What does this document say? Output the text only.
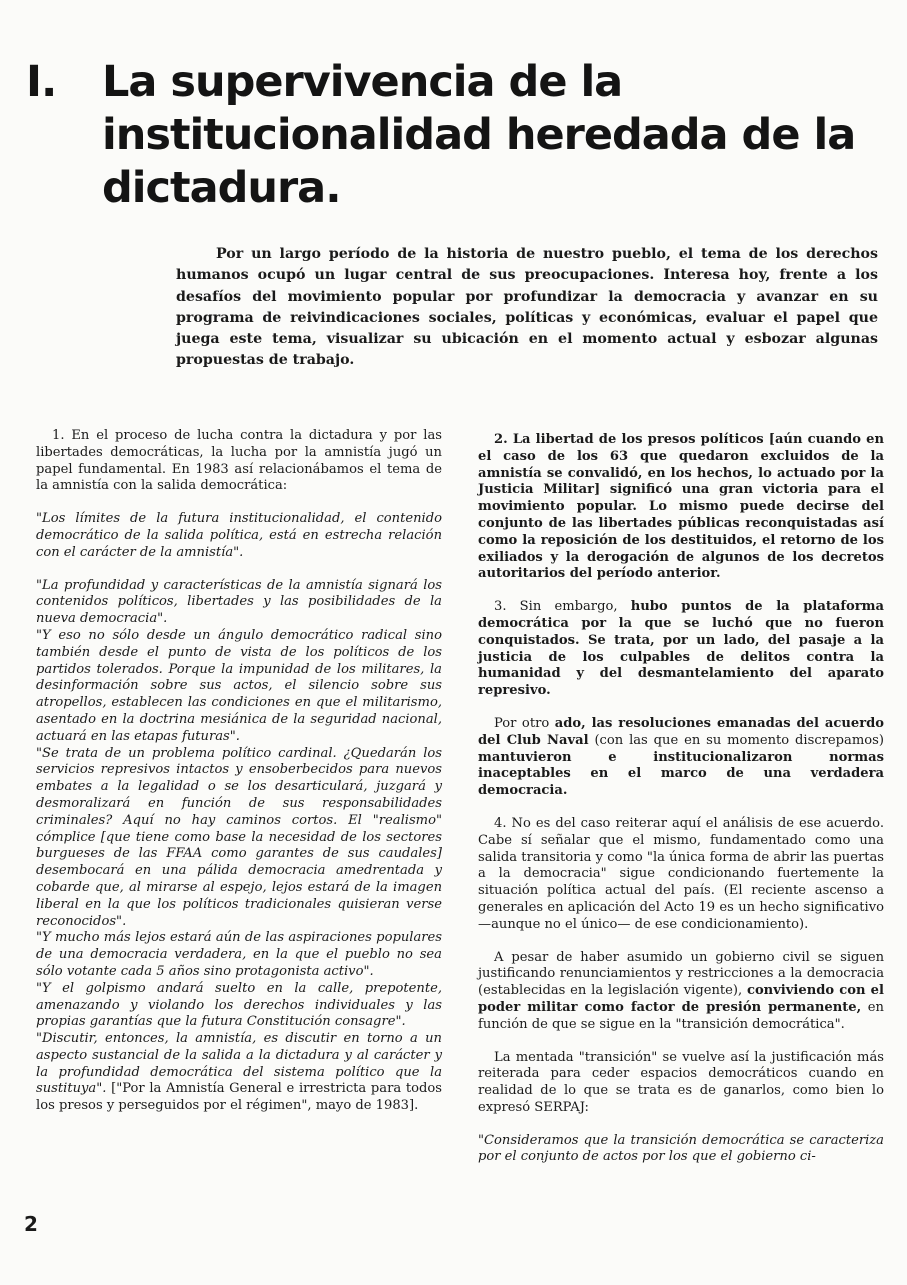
I.	La supervivencia de la
institucionalidad heredada de la
dictadura.

Por un largo período de la historia de nuestro pueblo, el tema de los derechos humanos ocupó un lugar central de sus preocupaciones. Interesa hoy, frente a los desafíos del movimiento popular por profundizar la democracia y avanzar en su programa de reivindicaciones sociales, políticas y económicas, evaluar el papel que juega este tema, visualizar su ubicación en el momento actual y esbozar algunas propuestas de trabajo.

1. En el proceso de lucha contra la dictadura y por las libertades democráticas, la lucha por la amnistía jugó un papel fundamental. En 1983 así relacionábamos el tema de la amnistía con la salida democrática:

"Los límites de la futura institucionalidad, el contenido democrático de la salida política, está en estrecha relación con el carácter de la amnistía".

"La profundidad y características de la amnistía signará los contenidos políticos, libertades y las posibilidades de la nueva democracia".

"Y eso no sólo desde un ángulo democrático radical sino también desde el punto de vista de los políticos de los partidos tolerados. Porque la impunidad de los militares, la desinformación sobre sus actos, el silencio sobre sus atropellos, establecen las condiciones en que el militarismo, asentado en la doctrina mesiánica de la seguridad nacional, actuará en las etapas futuras".

"Se trata de un problema político cardinal. ¿Quedarán los servicios represivos intactos y ensoberbecidos para nuevos embates a la legalidad o se los desarticulará, juzgará y desmoralizará en función de sus responsabilidades criminales? Aquí no hay caminos cortos. El "realismo" cómplice [que tiene como base la necesidad de los sectores burgueses de las FFAA como garantes de sus caudales] desembocará en una pálida democracia amedrentada y cobarde que, al mirarse al espejo, lejos estará de la imagen liberal en la que los políticos tradicionales quisieran verse reconocidos".

"Y mucho más lejos estará aún de las aspiraciones populares de una democracia verdadera, en la que el pueblo no sea sólo votante cada 5 años sino protagonista activo".

"Y el golpismo andará suelto en la calle, prepotente, amenazando y violando los derechos individuales y las propias garantías que la futura Constitución consagre".

"Discutir, entonces, la amnistía, es discutir en torno a un aspecto sustancial de la salida a la dictadura y al carácter y la profundidad democrática del sistema político que la sustituya". ["Por la Amnistía General e irrestricta para todos los presos y perseguidos por el régimen", mayo de 1983].

2. La libertad de los presos políticos [aún cuando en el caso de los 63 que quedaron excluidos de la amnistía se convalidó, en los hechos, lo actuado por la Justicia Militar] significó una gran victoria para el movimiento popular. Lo mismo puede decirse del conjunto de las libertades públicas reconquistadas así como la reposición de los destituidos, el retorno de los exiliados y la derogación de algunos de los decretos autoritarios del período anterior.

3. Sin embargo, hubo puntos de la plataforma democrática por la que se luchó que no fueron conquistados. Se trata, por un lado, del pasaje a la justicia de los culpables de delitos contra la humanidad y del desmantelamiento del aparato represivo.

Por otro ado, las resoluciones emanadas del acuerdo del Club Naval (con las que en su momento discrepamos) mantuvieron e institucionalizaron normas inaceptables en el marco de una verdadera democracia.

4. No es del caso reiterar aquí el análisis de ese acuerdo. Cabe sí señalar que el mismo, fundamentado como una salida transitoria y como "la única forma de abrir las puertas a la democracia" sigue condicionando fuertemente la situación política actual del país. (El reciente ascenso a generales en aplicación del Acto 19 es un hecho significativo —aunque no el único— de ese condicionamiento).

A pesar de haber asumido un gobierno civil se siguen justificando renunciamientos y restricciones a la democracia (establecidas en la legislación vigente), conviviendo con el poder militar como factor de presión permanente, en función de que se sigue en la "transición democrática".

La mentada "transición" se vuelve así la justificación más reiterada para ceder espacios democráticos cuando en realidad de lo que se trata es de ganarlos, como bien lo expresó SERPAJ:

"Consideramos que la transición democrática se caracteriza por el conjunto de actos por los que el gobierno ci-

2
